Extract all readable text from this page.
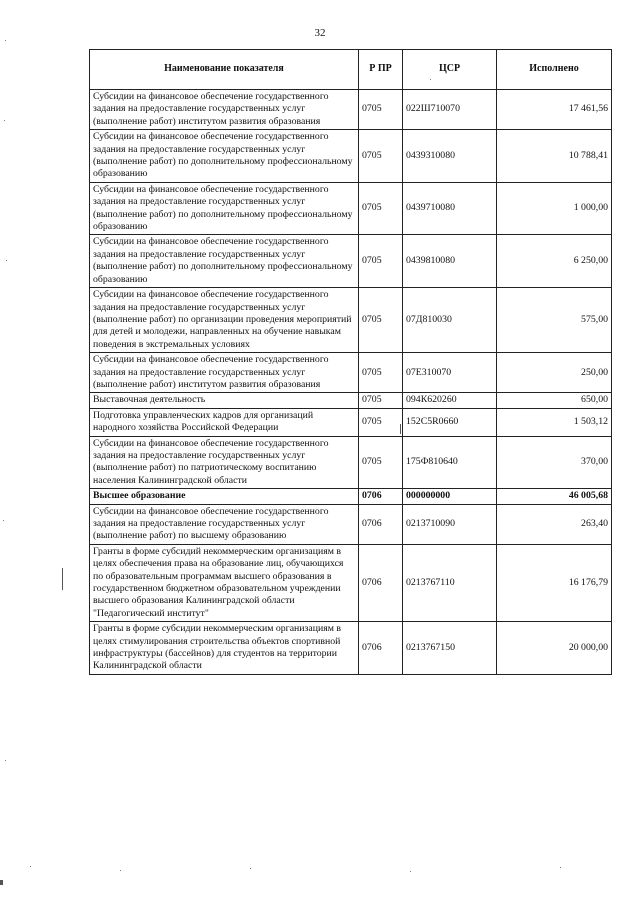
32
Наименование показателя	Р ПР	ЦСР	Исполнено
Субсидии на финансовое обеспечение государственного задания на предоставление государственных услуг (выполнение работ) институтом развития образования	0705	022Ш710070	17 461,56
Субсидии на финансовое обеспечение государственного задания на предоставление государственных услуг (выполнение работ) по дополнительному профессиональному образованию	0705	0439310080	10 788,41
Субсидии на финансовое обеспечение государственного задания на предоставление государственных услуг (выполнение работ) по дополнительному профессиональному образованию	0705	0439710080	1 000,00
Субсидии на финансовое обеспечение государственного задания на предоставление государственных услуг (выполнение работ) по дополнительному профессиональному образованию	0705	0439810080	6 250,00
Субсидии на финансовое обеспечение государственного задания на предоставление государственных услуг (выполнение работ) по организации проведения мероприятий для детей и молодежи, направленных на обучение навыкам поведения в экстремальных условиях	0705	07Д810030	575,00
Субсидии на финансовое обеспечение государственного задания на предоставление государственных услуг (выполнение работ) институтом развития образования	0705	07Е310070	250,00
Выставочная деятельность	0705	094К620260	650,00
Подготовка управленческих кадров для организаций народного хозяйства Российской Федерации	0705	152С5R0660	1 503,12
Субсидии на финансовое обеспечение государственного задания на предоставление государственных услуг (выполнение работ) по патриотическому воспитанию населения Калининградской области	0705	175Ф810640	370,00
Высшее образование	0706	000000000	46 005,68
Субсидии на финансовое обеспечение государственного задания на предоставление государственных услуг (выполнение работ) по высшему образованию	0706	0213710090	263,40
Гранты в форме субсидий некоммерческим организациям в целях обеспечения права на образование лиц, обучающихся по образовательным программам высшего образования в государственном бюджетном образовательном учреждении высшего образования Калининградской области "Педагогический институт"	0706	0213767110	16 176,79
Гранты в форме субсидии некоммерческим организациям в целях стимулирования строительства объектов спортивной инфраструктуры (бассейнов) для студентов на территории Калининградской области	0706	0213767150	20 000,00
